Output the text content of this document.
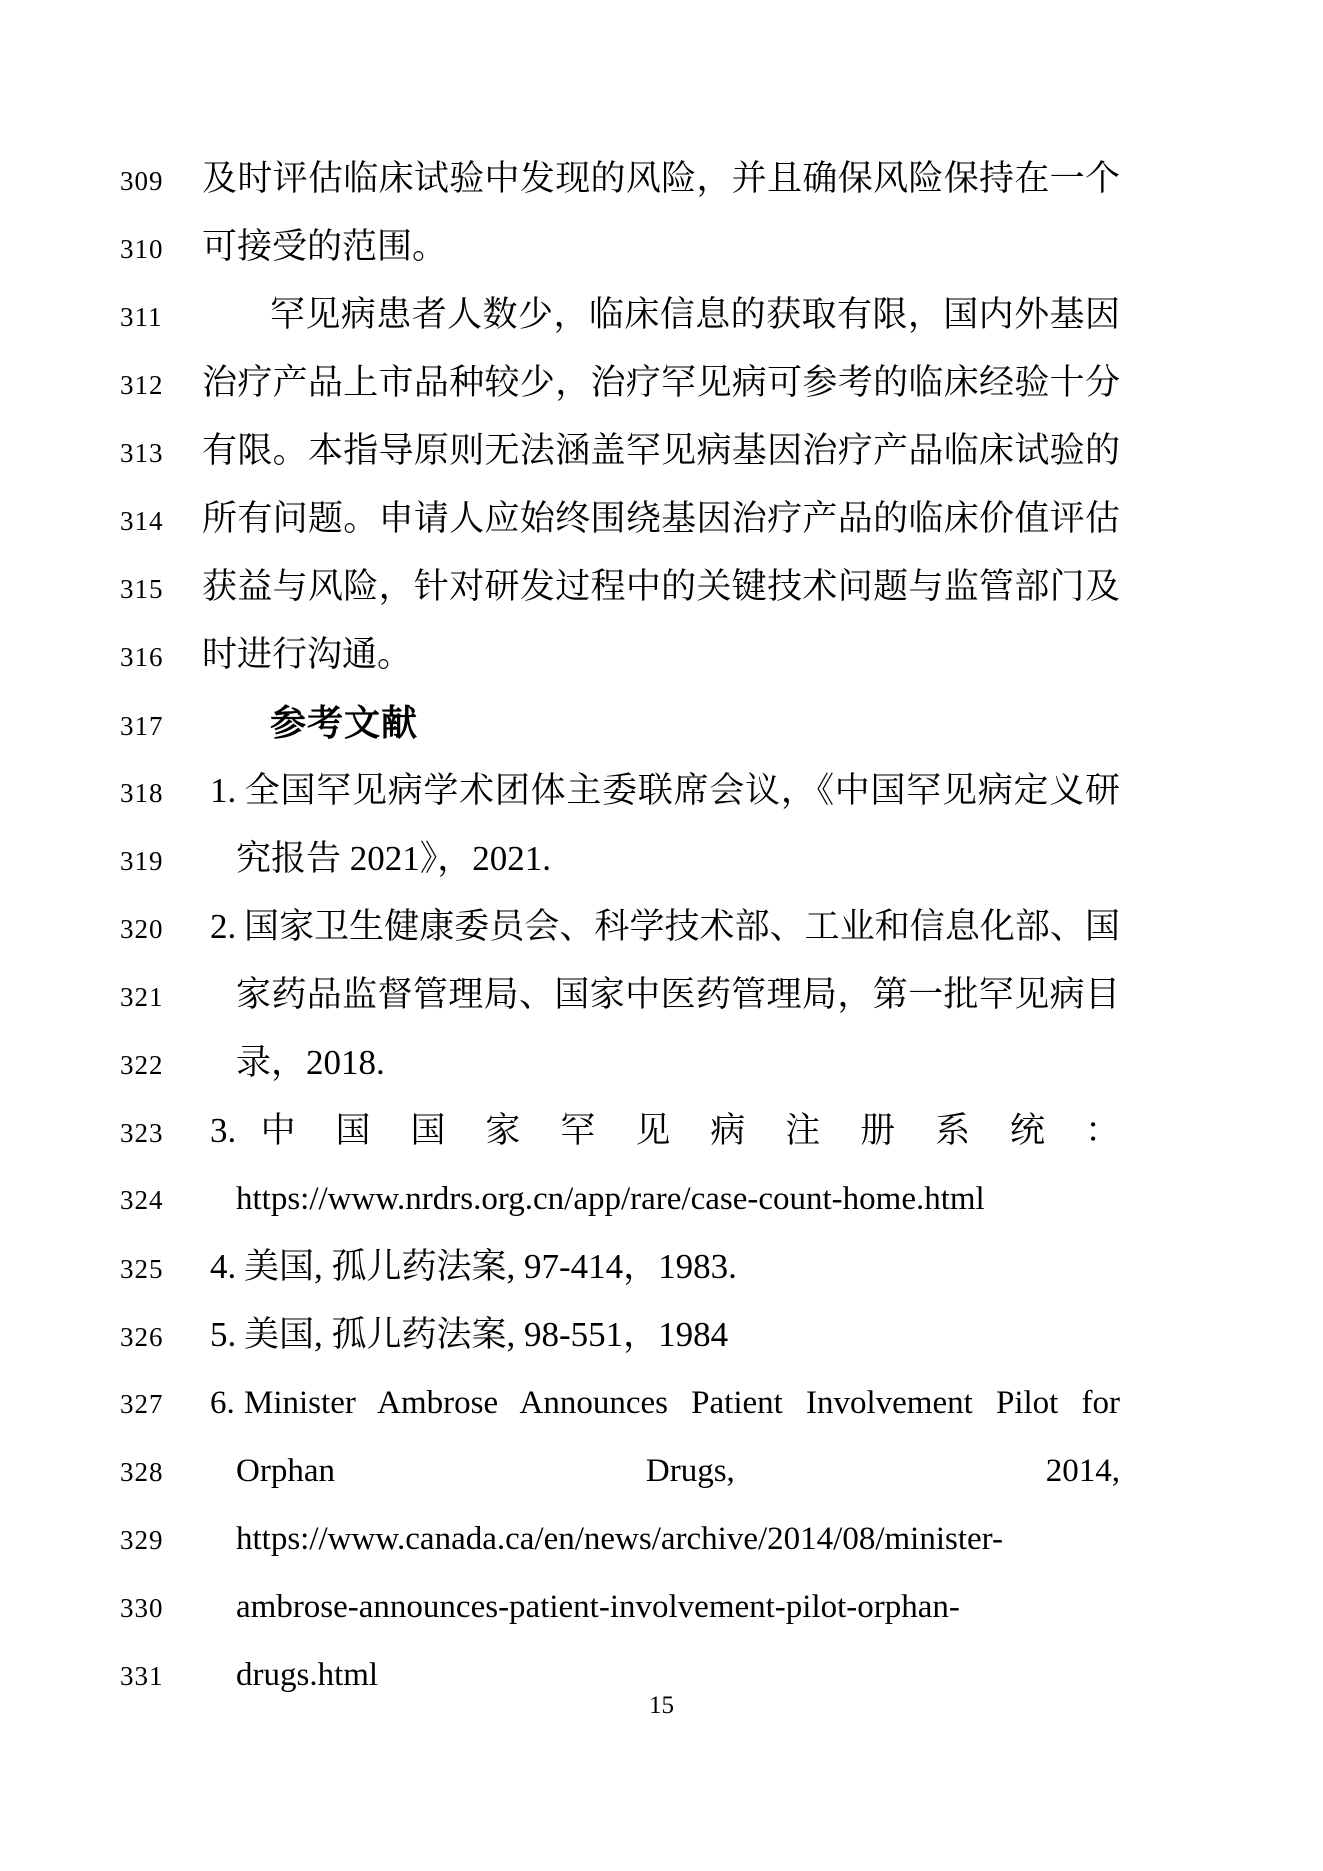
309	及时评估临床试验中发现的风险，并且确保风险保持在一个
310	可接受的范围。
311	罕见病患者人数少，临床信息的获取有限，国内外基因
312	治疗产品上市品种较少，治疗罕见病可参考的临床经验十分
313	有限。本指导原则无法涵盖罕见病基因治疗产品临床试验的
314	所有问题。申请人应始终围绕基因治疗产品的临床价值评估
315	获益与风险，针对研发过程中的关键技术问题与监管部门及
316	时进行沟通。
317	参考文献
318	1. 全国罕见病学术团体主委联席会议，《中国罕见病定义研
319	究报告 2021》，2021.
320	2. 国家卫生健康委员会、科学技术部、工业和信息化部、国
321	家药品监督管理局、国家中医药管理局，第一批罕见病目
322	录，2018.
323	3. 中 国 国 家 罕 见 病 注 册 系 统 ：
324	https://www.nrdrs.org.cn/app/rare/case-count-home.html
325	4. 美国, 孤儿药法案, 97-414，1983.
326	5. 美国, 孤儿药法案, 98-551，1984
327	6. Minister Ambrose Announces Patient Involvement Pilot for
328	Orphan Drugs, 2014,
329	https://www.canada.ca/en/news/archive/2014/08/minister-
330	ambrose-announces-patient-involvement-pilot-orphan-
331	drugs.html
15
